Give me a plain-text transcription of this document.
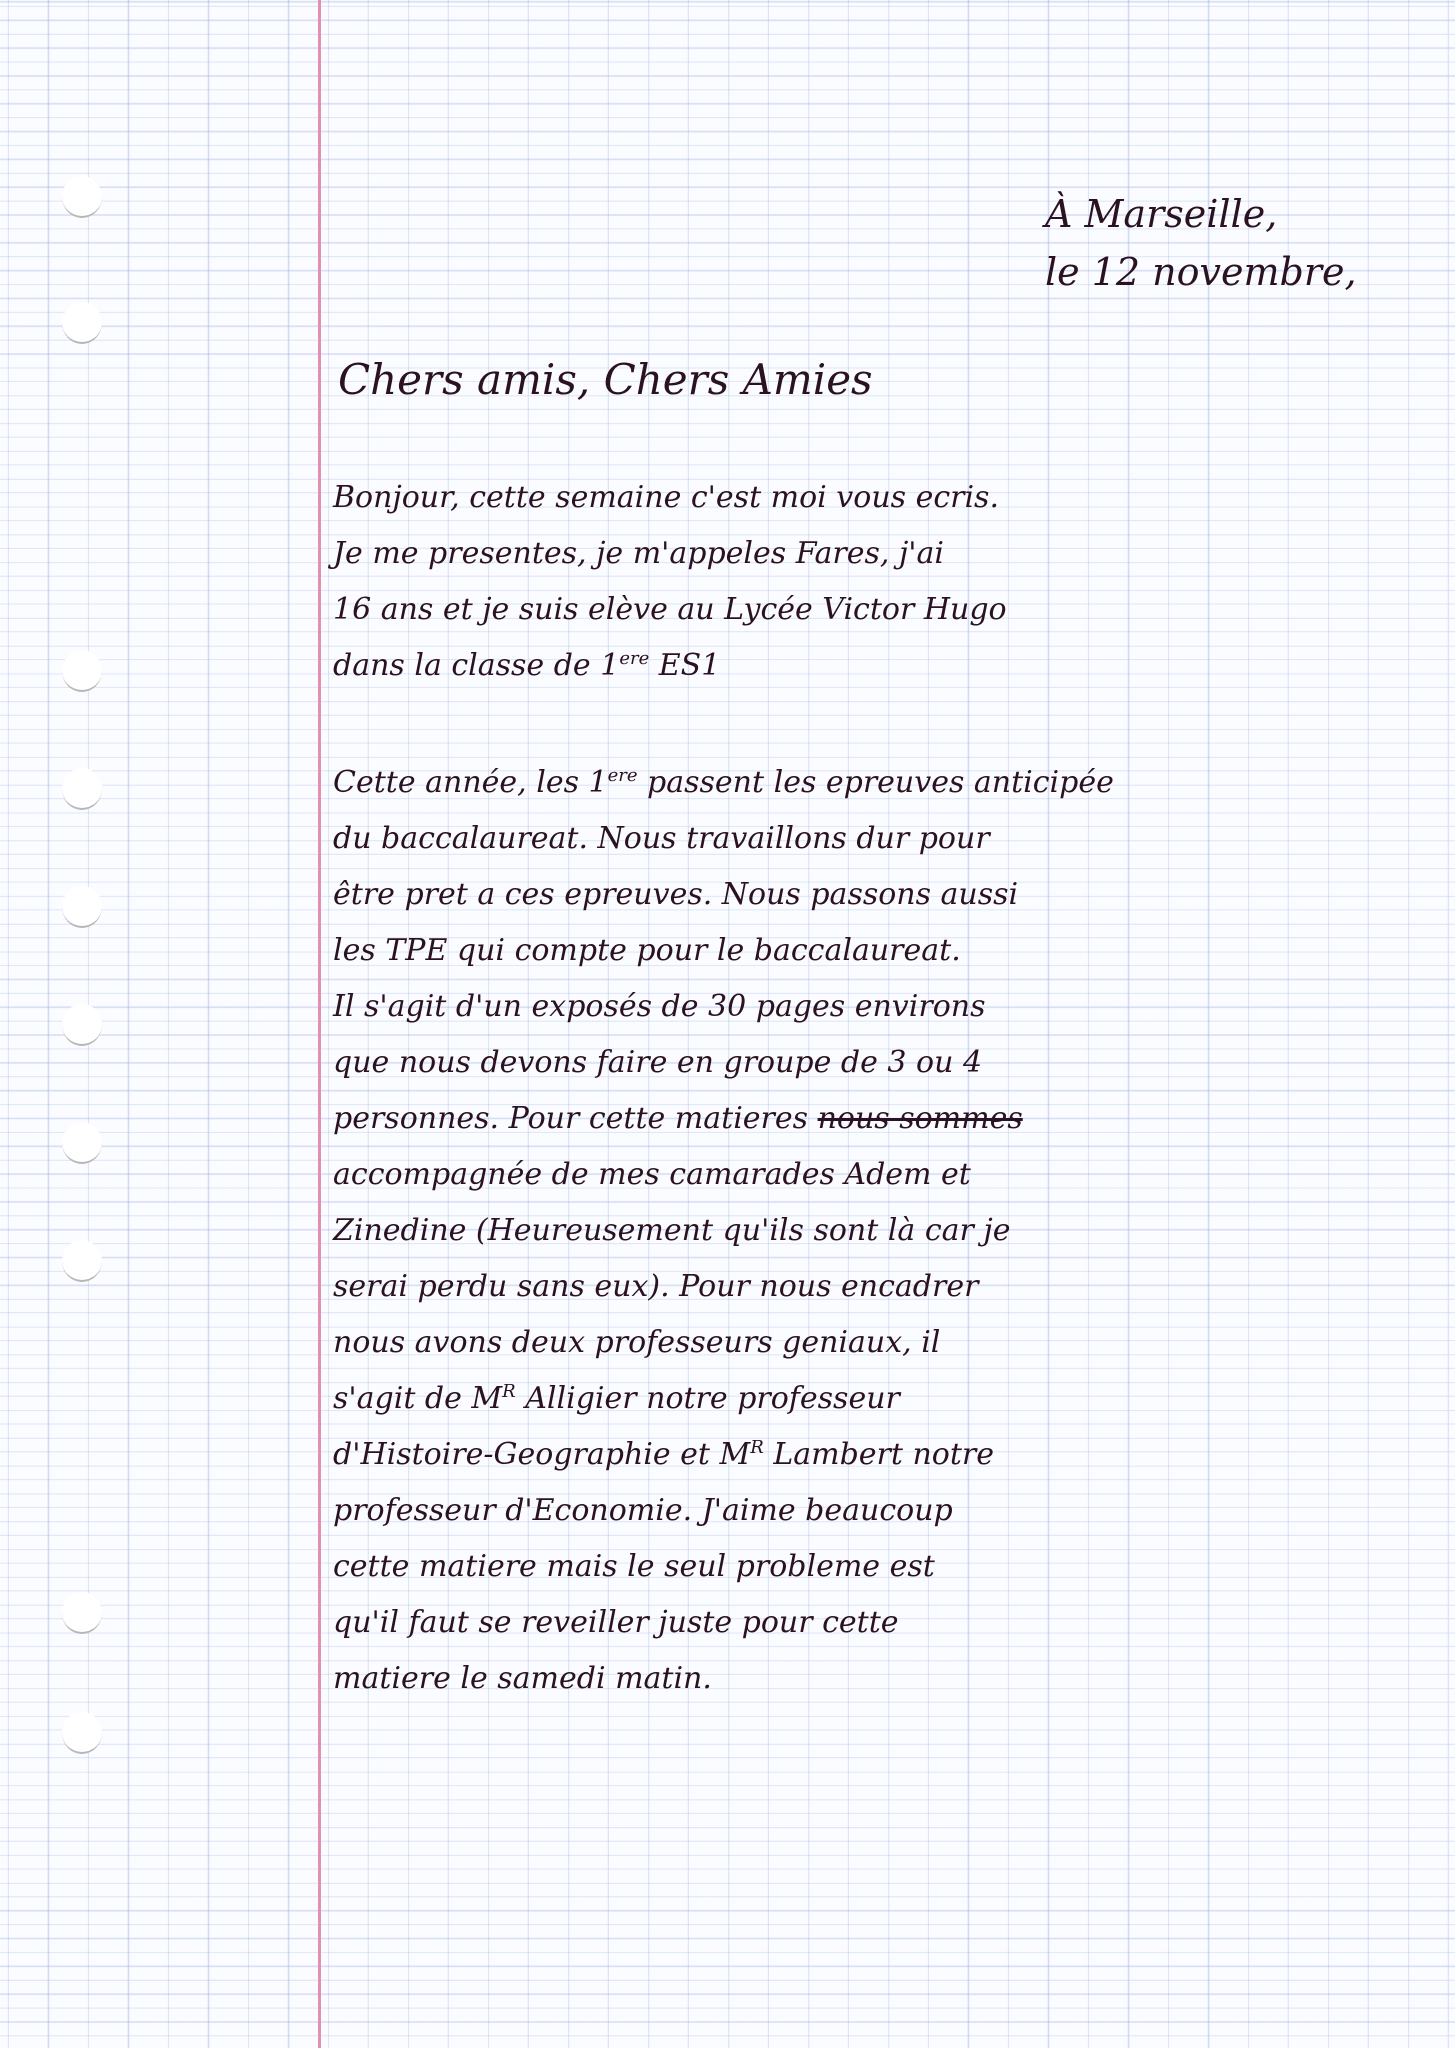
À Marseille,
le 12 novembre,
Chers amis, Chers Amies
Bonjour, cette semaine c'est moi vous ecris.
Je me presentes, je m'appeles Fares, j'ai
16 ans et je suis elève au Lycée Victor Hugo
dans la classe de 1ere ES1
Cette année, les 1ere passent les epreuves anticipée
du baccalaureat. Nous travaillons dur pour
être pret a ces epreuves. Nous passons aussi
les TPE qui compte pour le baccalaureat.
Il s'agit d'un exposés de 30 pages environs
que nous devons faire en groupe de 3 ou 4
personnes. Pour cette matieres nous sommes
accompagnée de mes camarades Adem et
Zinedine (Heureusement qu'ils sont là car je
serai perdu sans eux). Pour nous encadrer
nous avons deux professeurs geniaux, il
s'agit de $M^R$ Alligier notre professeur
d'Histoire-Geographie et $M^R$ Lambert notre
professeur d'Economie. J'aime beaucoup
cette matiere mais le seul probleme est
qu'il faut se reveiller juste pour cette
matiere le samedi matin.
